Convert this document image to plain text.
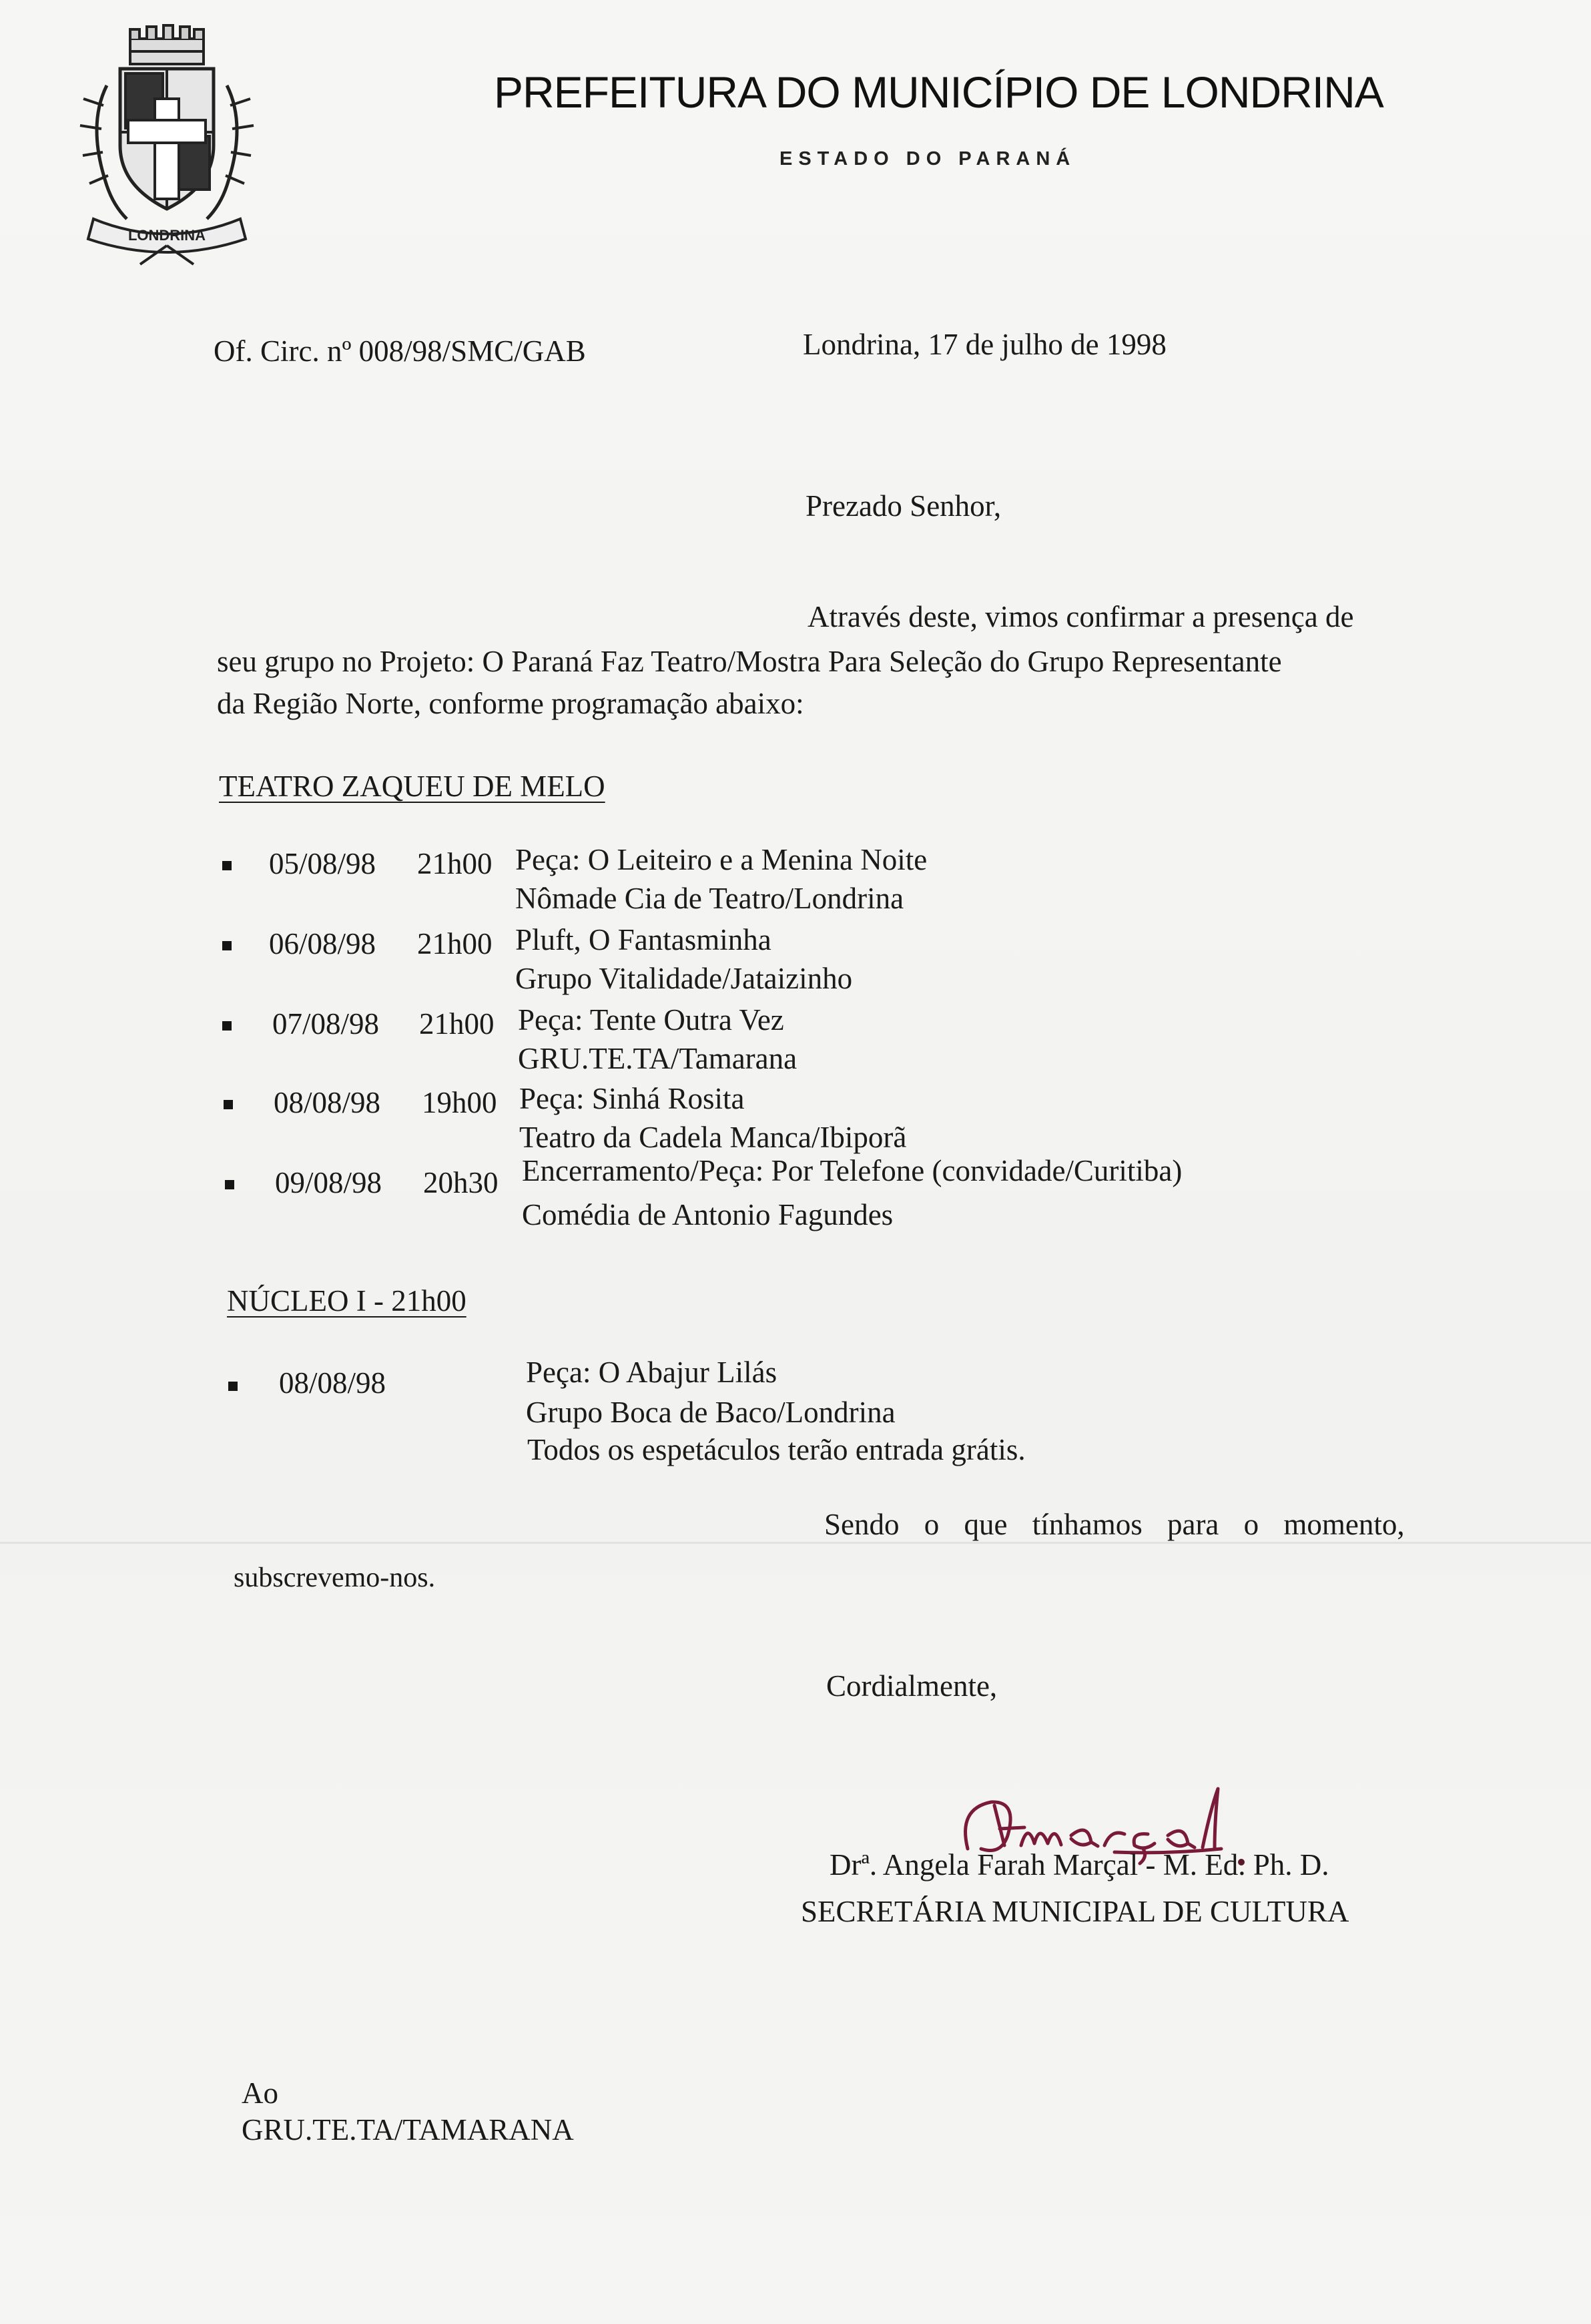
LONDRINA
PREFEITURA DO MUNICÍPIO DE LONDRINA
ESTADO DO PARANÁ
Of. Circ. nº 008/98/SMC/GAB	Londrina, 17 de julho de 1998
Prezado Senhor,
Através deste, vimos confirmar a presença de
seu grupo no Projeto: O Paraná Faz Teatro/Mostra Para Seleção do Grupo Representante
da Região Norte, conforme programação abaixo:
TEATRO ZAQUEU DE MELO
05/08/98 21h00 Peça: O Leiteiro e a Menina Noite
Nômade Cia de Teatro/Londrina
06/08/98 21h00 Pluft, O Fantasminha
Grupo Vitalidade/Jataizinho
07/08/98 21h00 Peça: Tente Outra Vez
GRU.TE.TA/Tamarana
08/08/98 19h00 Peça: Sinhá Rosita
Teatro da Cadela Manca/Ibiporã
09/08/98 20h30 Encerramento/Peça: Por Telefone (convidade/Curitiba)
Comédia de Antonio Fagundes
NÚCLEO I - 21h00
08/08/98	Peça: O Abajur Lilás
Grupo Boca de Baco/Londrina
Todos os espetáculos terão entrada grátis.
Sendo o que tínhamos para o momento,
subscrevemo-nos.
Cordialmente,
Drª. Angela Farah Marçal - M. Ed. Ph. D.
SECRETÁRIA MUNICIPAL DE CULTURA
Ao
GRU.TE.TA/TAMARANA
